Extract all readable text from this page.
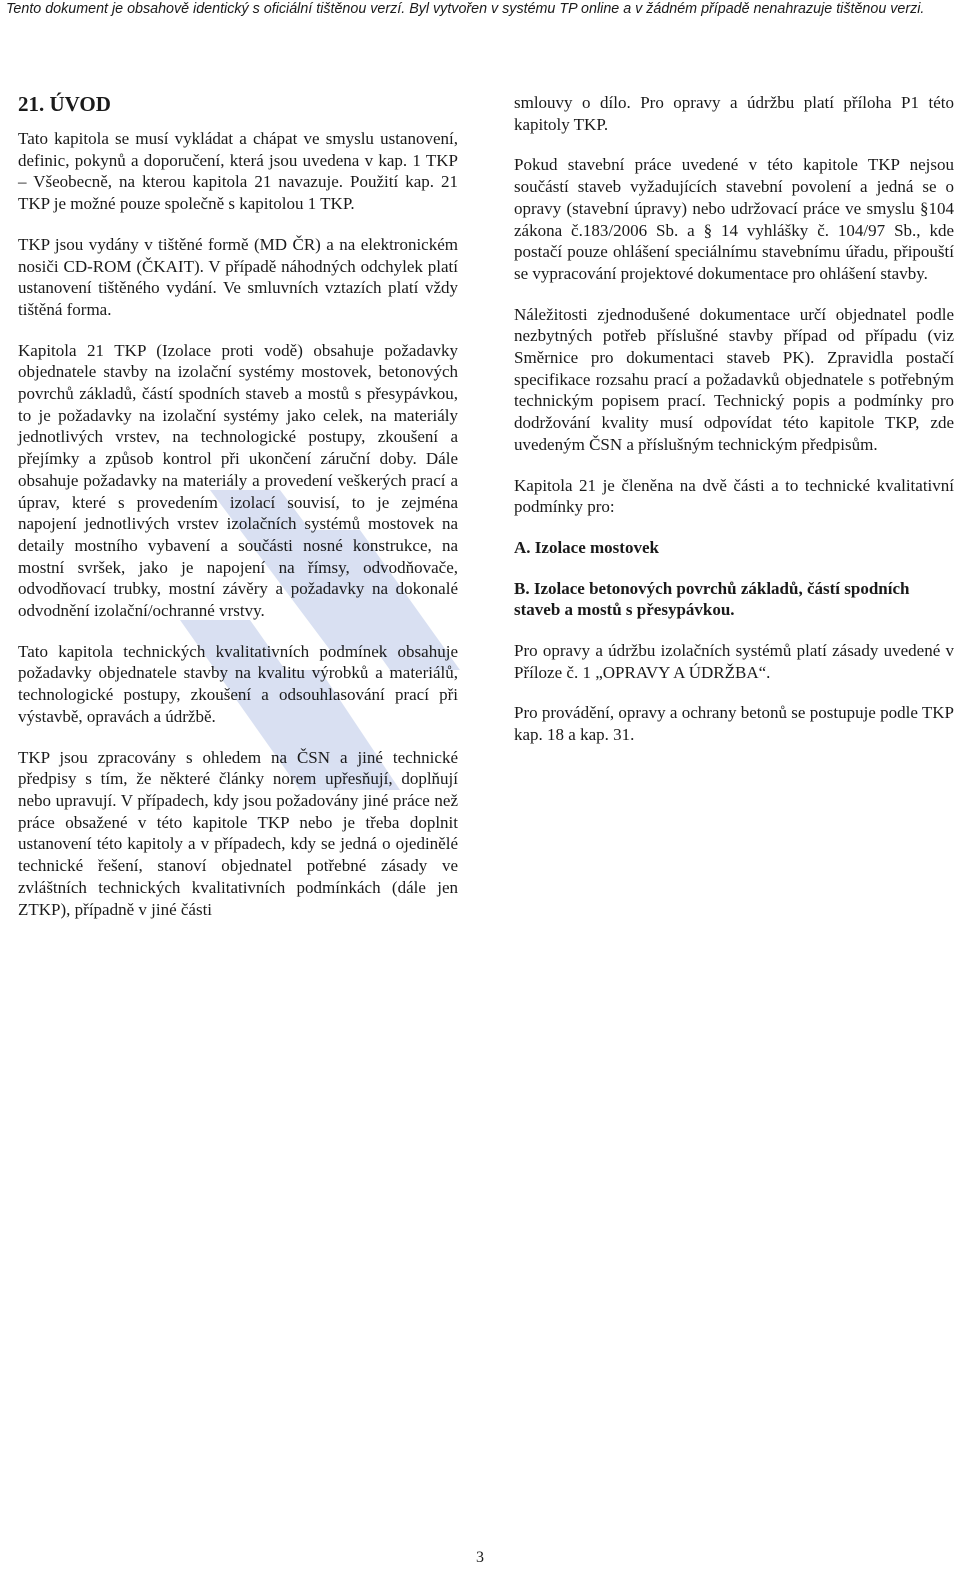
Tento dokument je obsahově identický s oficiální tištěnou verzí. Byl vytvořen v systému TP online a v žádném případě nenahrazuje tištěnou verzi.
21. ÚVOD

Tato kapitola se musí vykládat a chápat ve smyslu ustanovení, definic, pokynů a doporučení, která jsou uvedena v kap. 1 TKP – Všeobecně, na kterou kapitola 21 navazuje. Použití kap. 21 TKP je možné pouze společně s kapitolou 1 TKP.

TKP jsou vydány v tištěné formě (MD ČR) a na elektronickém nosiči CD-ROM (ČKAIT). V případě náhodných odchylek platí ustanovení tištěného vydání. Ve smluvních vztazích platí vždy tištěná forma.

Kapitola 21 TKP (Izolace proti vodě) obsahuje požadavky objednatele stavby na izolační systémy mostovek, betonových povrchů základů, částí spodních staveb a mostů s přesypávkou, to je požadavky na izolační systémy jako celek, na materiály jednotlivých vrstev, na technologické postupy, zkoušení a přejímky a způsob kontrol při ukončení záruční doby. Dále obsahuje požadavky na materiály a provedení veškerých prací a úprav, které s provedením izolací souvisí, to je zejména napojení jednotlivých vrstev izolačních systémů mostovek na detaily mostního vybavení a součásti nosné konstrukce, na mostní svršek, jako je napojení na římsy, odvodňovače, odvodňovací trubky, mostní závěry a požadavky na dokonalé odvodnění izolační/ochranné vrstvy.

Tato kapitola technických kvalitativních podmínek obsahuje požadavky objednatele stavby na kvalitu výrobků a materiálů, technologické postupy, zkoušení a odsouhlasování prací při výstavbě, opravách a údržbě.

TKP jsou zpracovány s ohledem na ČSN a jiné technické předpisy s tím, že některé články norem upřesňují, doplňují nebo upravují. V případech, kdy jsou požadovány jiné práce než práce obsažené v této kapitole TKP nebo je třeba doplnit ustanovení této kapitoly a v případech, kdy se jedná o ojedinělé technické řešení, stanoví objednatel potřebné zásady ve zvláštních technických kvalitativních podmínkách (dále jen ZTKP), případně v jiné části

smlouvy o dílo. Pro opravy a údržbu platí příloha P1 této kapitoly TKP.

Pokud stavební práce uvedené v této kapitole TKP nejsou součástí staveb vyžadujících stavební povolení a jedná se o opravy (stavební úpravy) nebo udržovací práce ve smyslu §104 zákona č.183/2006 Sb. a § 14 vyhlášky č. 104/97 Sb., kde postačí pouze ohlášení speciálnímu stavebnímu úřadu, připouští se vypracování projektové dokumentace pro ohlášení stavby.

Náležitosti zjednodušené dokumentace určí objednatel podle nezbytných potřeb příslušné stavby případ od případu (viz Směrnice pro dokumentaci staveb PK). Zpravidla postačí specifikace rozsahu prací a požadavků objednatele s potřebným technickým popisem prací. Technický popis a podmínky pro dodržování kvality musí odpovídat této kapitole TKP, zde uvedeným ČSN a příslušným technickým předpisům.

Kapitola 21 je členěna na dvě části a to technické kvalitativní podmínky pro:

A. Izolace mostovek
B. Izolace betonových povrchů základů, částí spodních staveb a mostů s přesypávkou.

Pro opravy a údržbu izolačních systémů platí zásady uvedené v Příloze č. 1 „OPRAVY A ÚDRŽBA“.

Pro provádění, opravy a ochrany betonů se postupuje podle TKP kap. 18 a kap. 31.

3
